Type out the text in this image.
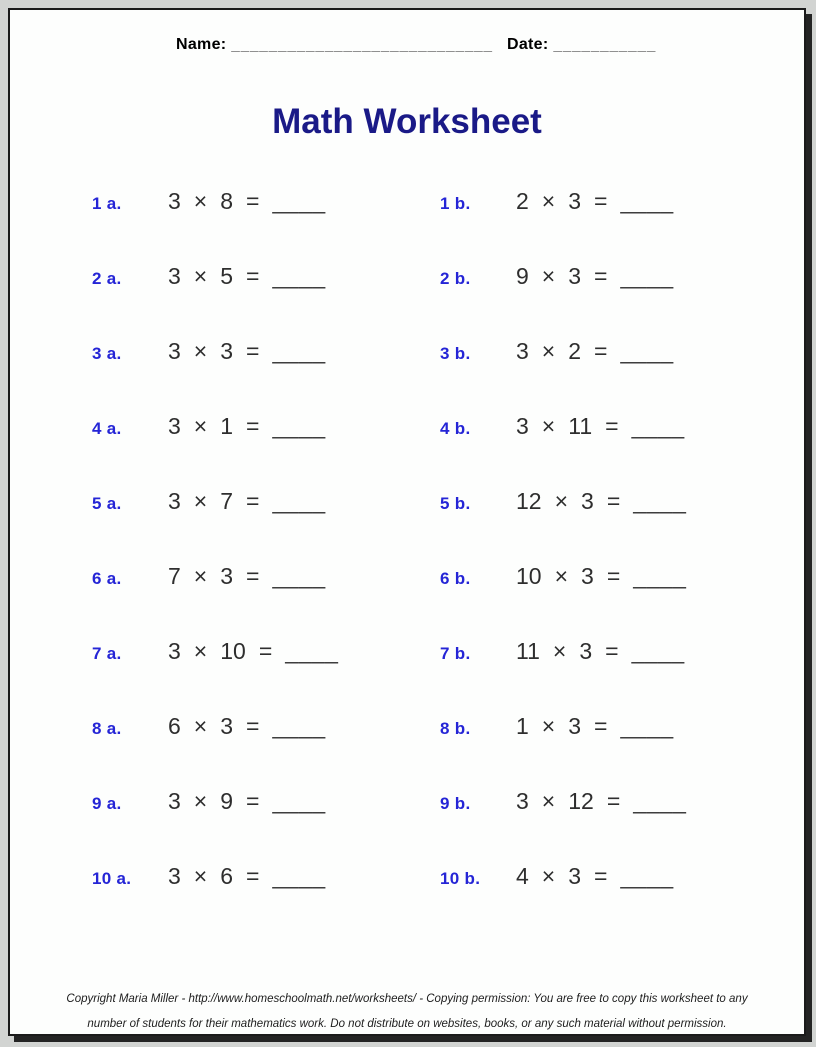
Name: ____________________________ Date: ___________
Math Worksheet
1 a. 3 × 8 = ____	1 b. 2 × 3 = ____
2 a. 3 × 5 = ____	2 b. 9 × 3 = ____
3 a. 3 × 3 = ____	3 b. 3 × 2 = ____
4 a. 3 × 1 = ____	4 b. 3 × 11 = ____
5 a. 3 × 7 = ____	5 b. 12 × 3 = ____
6 a. 7 × 3 = ____	6 b. 10 × 3 = ____
7 a. 3 × 10 = ____	7 b. 11 × 3 = ____
8 a. 6 × 3 = ____	8 b. 1 × 3 = ____
9 a. 3 × 9 = ____	9 b. 3 × 12 = ____
10 a. 3 × 6 = ____	10 b. 4 × 3 = ____
Copyright Maria Miller - http://www.homeschoolmath.net/worksheets/ - Copying permission: You are free to copy this worksheet to any
number of students for their mathematics work. Do not distribute on websites, books, or any such material without permission.
